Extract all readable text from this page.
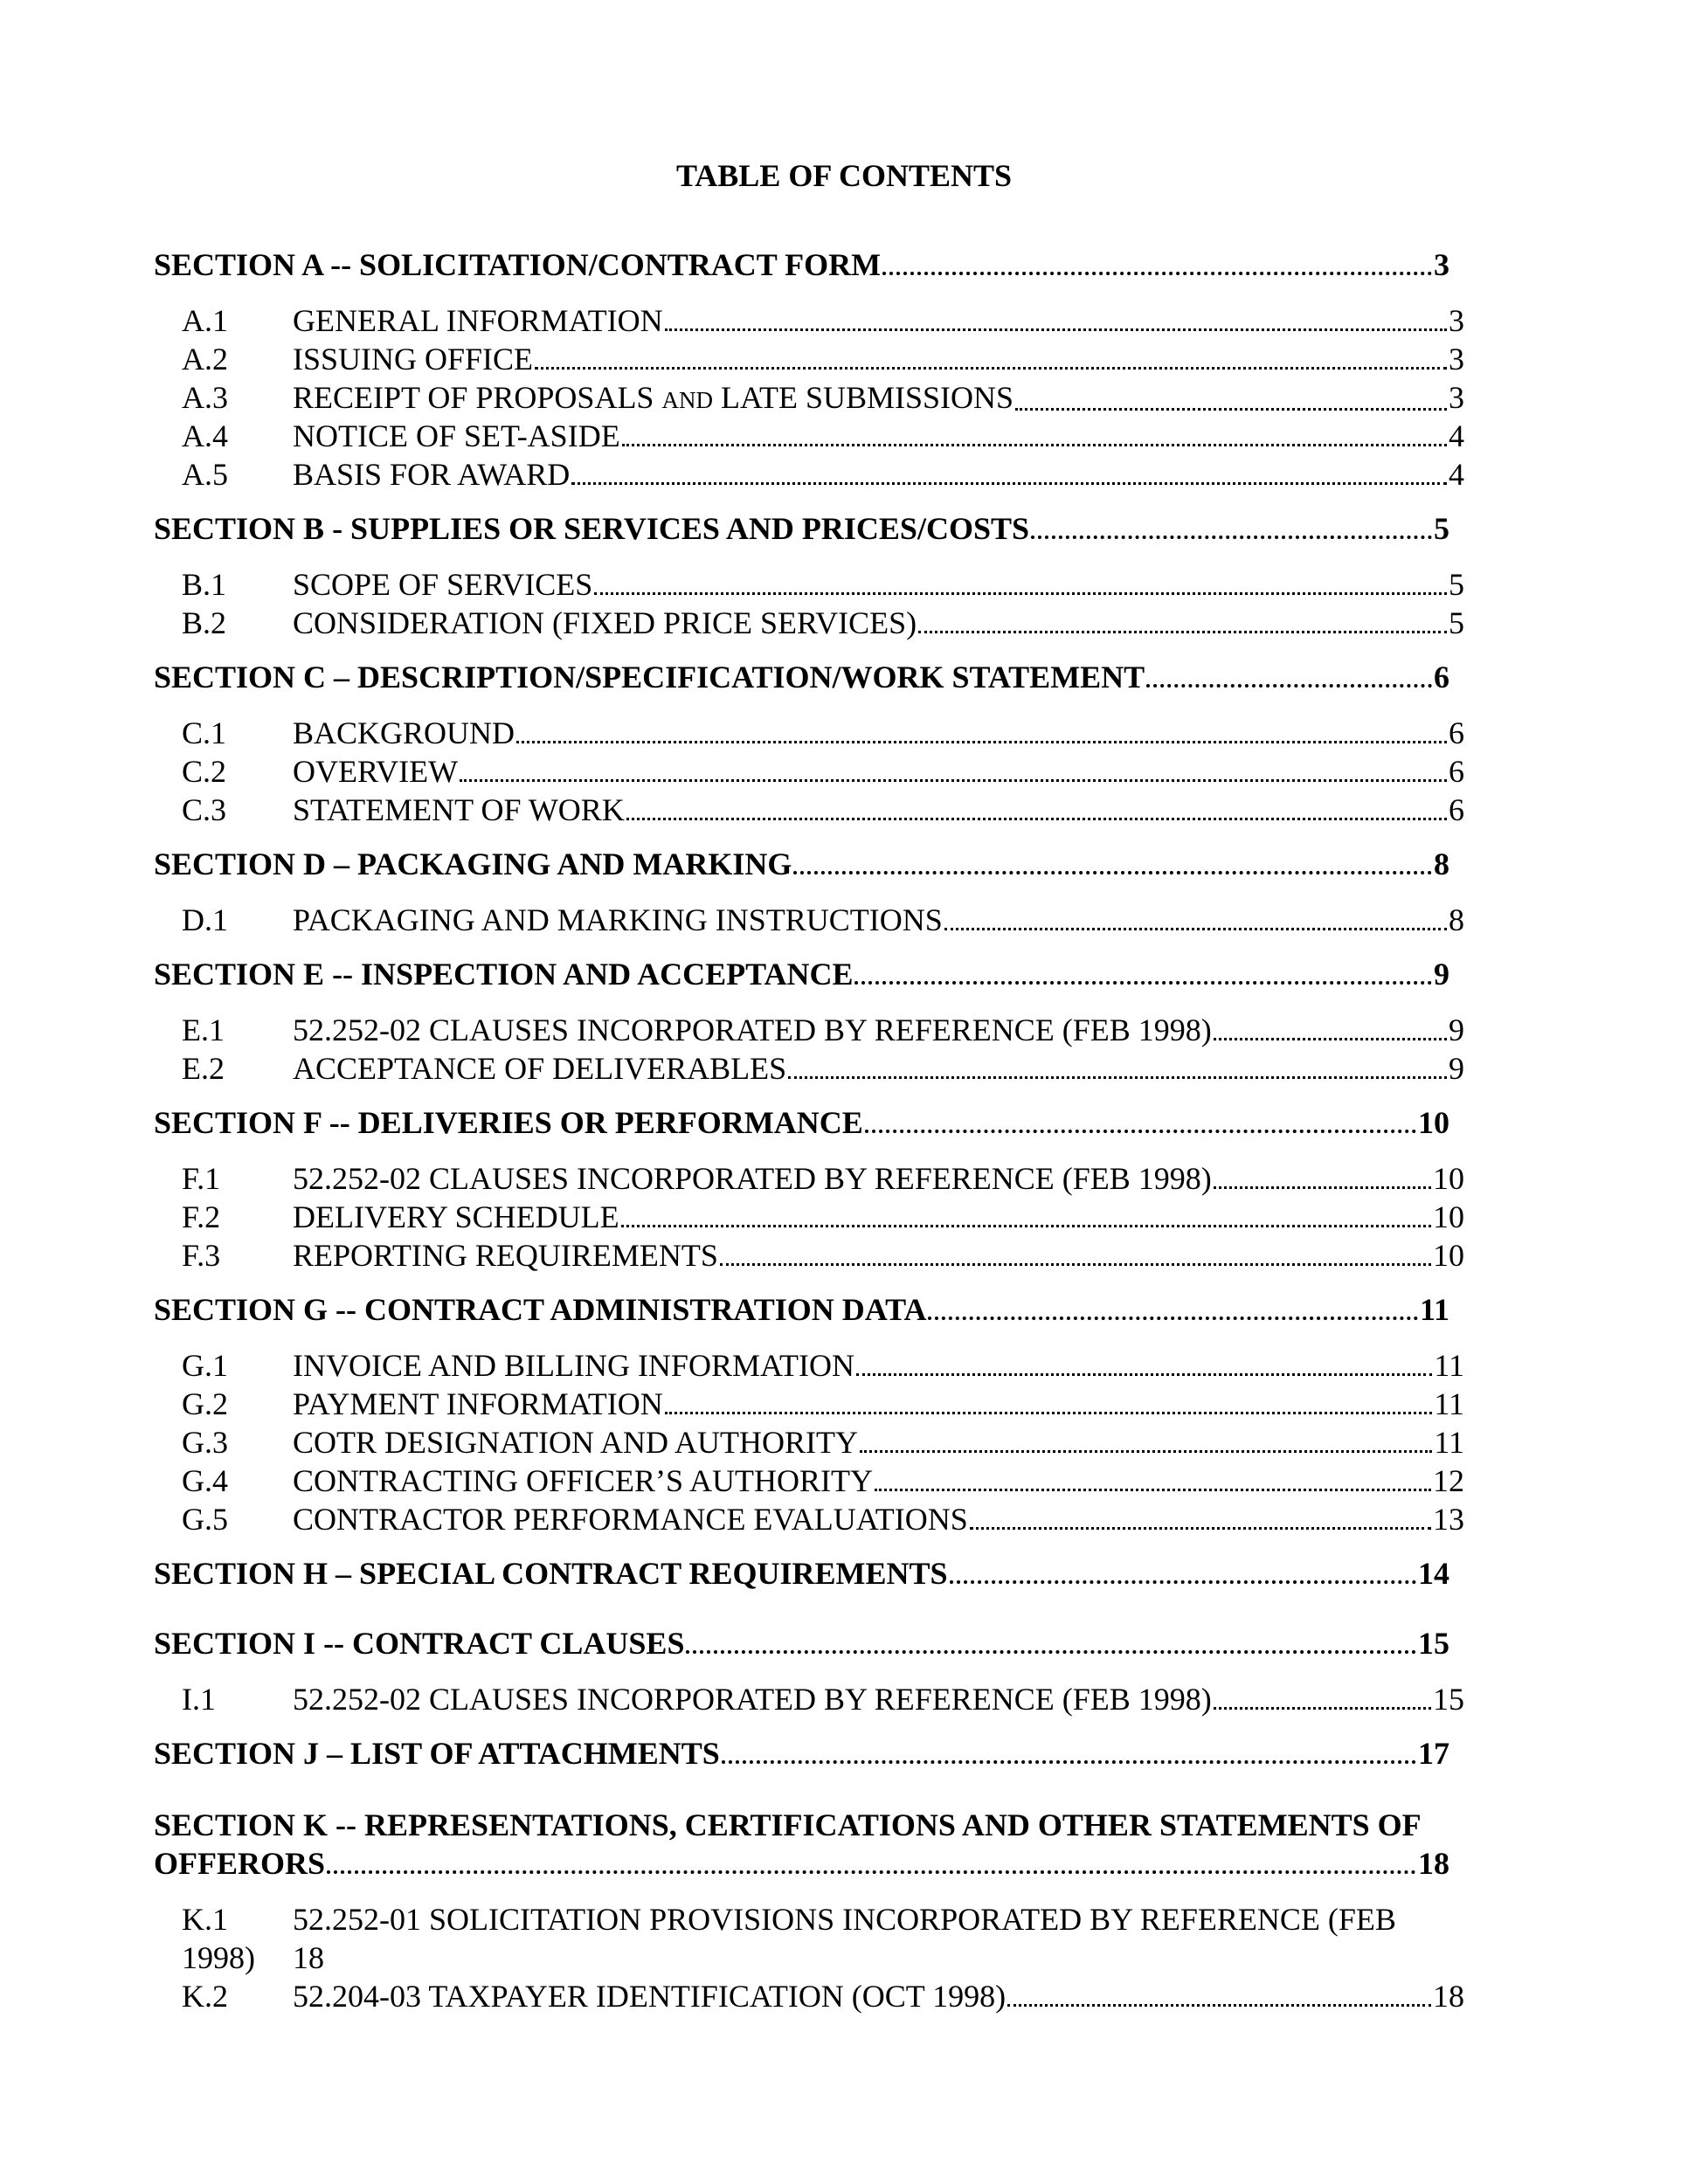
TABLE OF CONTENTS
SECTION A -- SOLICITATION/CONTRACT FORM	3
A.1	GENERAL INFORMATION	3
A.2	ISSUING OFFICE	3
A.3	RECEIPT OF PROPOSALS AND LATE SUBMISSIONS	3
A.4	NOTICE OF SET-ASIDE	4
A.5	BASIS FOR AWARD	4
SECTION B - SUPPLIES OR SERVICES AND PRICES/COSTS	5
B.1	SCOPE OF SERVICES	5
B.2	CONSIDERATION (FIXED PRICE SERVICES)	5
SECTION C – DESCRIPTION/SPECIFICATION/WORK STATEMENT	6
C.1	BACKGROUND	6
C.2	OVERVIEW	6
C.3	STATEMENT OF WORK	6
SECTION D – PACKAGING AND MARKING	8
D.1	PACKAGING AND MARKING INSTRUCTIONS	8
SECTION E -- INSPECTION AND ACCEPTANCE	9
E.1	52.252-02 CLAUSES INCORPORATED BY REFERENCE (FEB 1998)	9
E.2	ACCEPTANCE OF DELIVERABLES	9
SECTION F -- DELIVERIES OR PERFORMANCE	10
F.1	52.252-02 CLAUSES INCORPORATED BY REFERENCE (FEB 1998)	10
F.2	DELIVERY SCHEDULE	10
F.3	REPORTING REQUIREMENTS	10
SECTION G -- CONTRACT ADMINISTRATION DATA	11
G.1	INVOICE AND BILLING INFORMATION	11
G.2	PAYMENT INFORMATION	11
G.3	COTR DESIGNATION AND AUTHORITY	11
G.4	CONTRACTING OFFICER’S AUTHORITY	12
G.5	CONTRACTOR PERFORMANCE EVALUATIONS	13
SECTION H – SPECIAL CONTRACT REQUIREMENTS	14
SECTION I -- CONTRACT CLAUSES	15
I.1	52.252-02 CLAUSES INCORPORATED BY REFERENCE (FEB 1998)	15
SECTION J – LIST OF ATTACHMENTS	17
SECTION K -- REPRESENTATIONS, CERTIFICATIONS AND OTHER STATEMENTS OF
OFFERORS	18
K.1 52.252-01 SOLICITATION PROVISIONS INCORPORATED BY REFERENCE (FEB
1998) 18
K.2	52.204-03 TAXPAYER IDENTIFICATION (OCT 1998)	18
